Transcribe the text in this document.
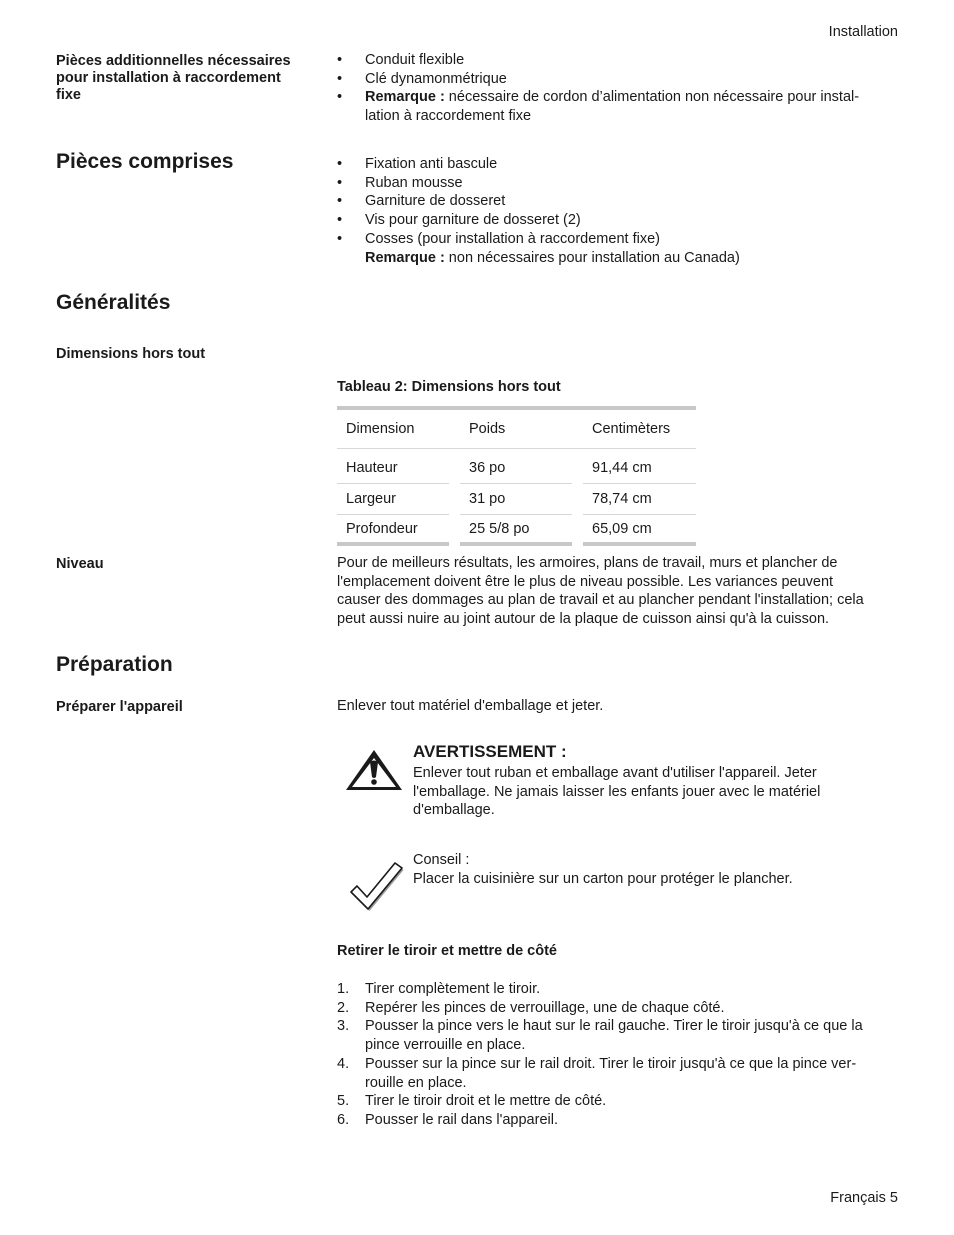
Installation
Pièces additionnelles nécessaires
pour installation à raccordement
fixe
• Conduit flexible
• Clé dynamonmétrique
• Remarque : nécessaire de cordon d’alimentation non nécessaire pour instal-
lation à raccordement fixe
Pièces comprises	• Fixation anti bascule
• Ruban mousse
• Garniture de dosseret
• Vis pour garniture de dosseret (2)
• Cosses (pour installation à raccordement fixe)
Remarque : non nécessaires pour installation au Canada)
Généralités
Dimensions hors tout
Tableau 2: Dimensions hors tout
Dimension	Poids	Centimèters
Hauteur	36 po	91,44 cm
Largeur	31 po	78,74 cm
Profondeur	25 5/8 po	65,09 cm
Niveau	Pour de meilleurs résultats, les armoires, plans de travail, murs et plancher de
l'emplacement doivent être le plus de niveau possible. Les variances peuvent
causer des dommages au plan de travail et au plancher pendant l'installation; cela
peut aussi nuire au joint autour de la plaque de cuisson ainsi qu'à la cuisson.
Préparation
Préparer l'appareil	Enlever tout matériel d'emballage et jeter.
AVERTISSEMENT :
Enlever tout ruban et emballage avant d'utiliser l'appareil. Jeter
l'emballage. Ne jamais laisser les enfants jouer avec le matériel
d'emballage.
Conseil :
Placer la cuisinière sur un carton pour protéger le plancher.
Retirer le tiroir et mettre de côté
1. Tirer complètement le tiroir.
2. Repérer les pinces de verrouillage, une de chaque côté.
3. Pousser la pince vers le haut sur le rail gauche. Tirer le tiroir jusqu'à ce que la
pince verrouille en place.
4. Pousser sur la pince sur le rail droit. Tirer le tiroir jusqu'à ce que la pince ver-
rouille en place.
5. Tirer le tiroir droit et le mettre de côté.
6. Pousser le rail dans l'appareil.
Français 5
